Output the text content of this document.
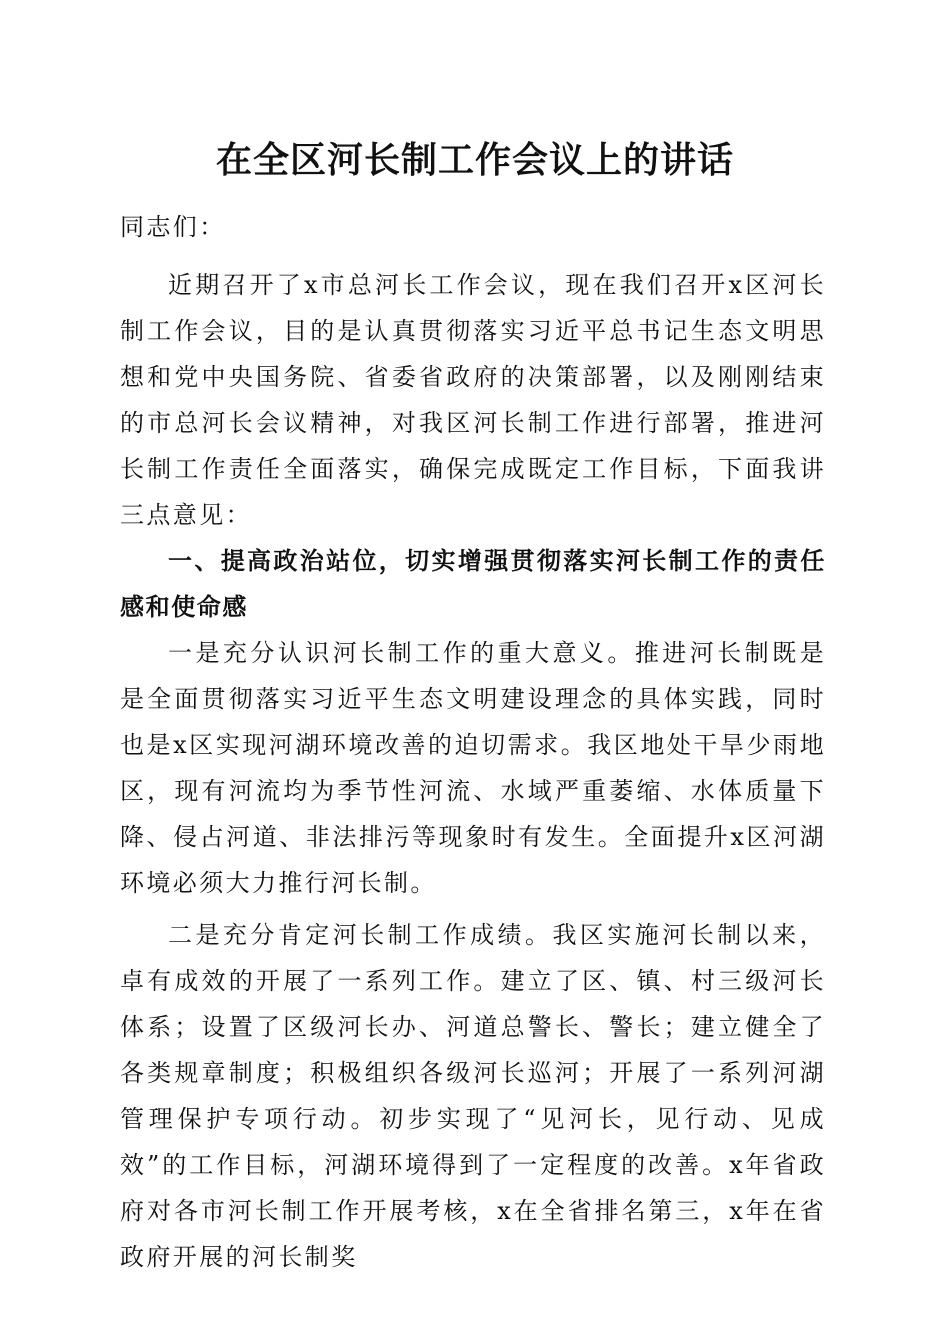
在全区河长制工作会议上的讲话

同志们：

近期召开了x市总河长工作会议，现在我们召开x区河长制工作会议，目的是认真贯彻落实习近平总书记生态文明思想和党中央国务院、省委省政府的决策部署，以及刚刚结束的市总河长会议精神，对我区河长制工作进行部署，推进河长制工作责任全面落实，确保完成既定工作目标，下面我讲三点意见：

一、提高政治站位，切实增强贯彻落实河长制工作的责任感和使命感

一是充分认识河长制工作的重大意义。推进河长制既是是全面贯彻落实习近平生态文明建设理念的具体实践，同时也是x区实现河湖环境改善的迫切需求。我区地处干旱少雨地区，现有河流均为季节性河流、水域严重萎缩、水体质量下降、侵占河道、非法排污等现象时有发生。全面提升x区河湖环境必须大力推行河长制。

二是充分肯定河长制工作成绩。我区实施河长制以来，卓有成效的开展了一系列工作。建立了区、镇、村三级河长体系；设置了区级河长办、河道总警长、警长；建立健全了各类规章制度；积极组织各级河长巡河；开展了一系列河湖管理保护专项行动。初步实现了“见河长，见行动、见成效”的工作目标，河湖环境得到了一定程度的改善。x年省政府对各市河长制工作开展考核，x在全省排名第三，x年在省政府开展的河长制奖
